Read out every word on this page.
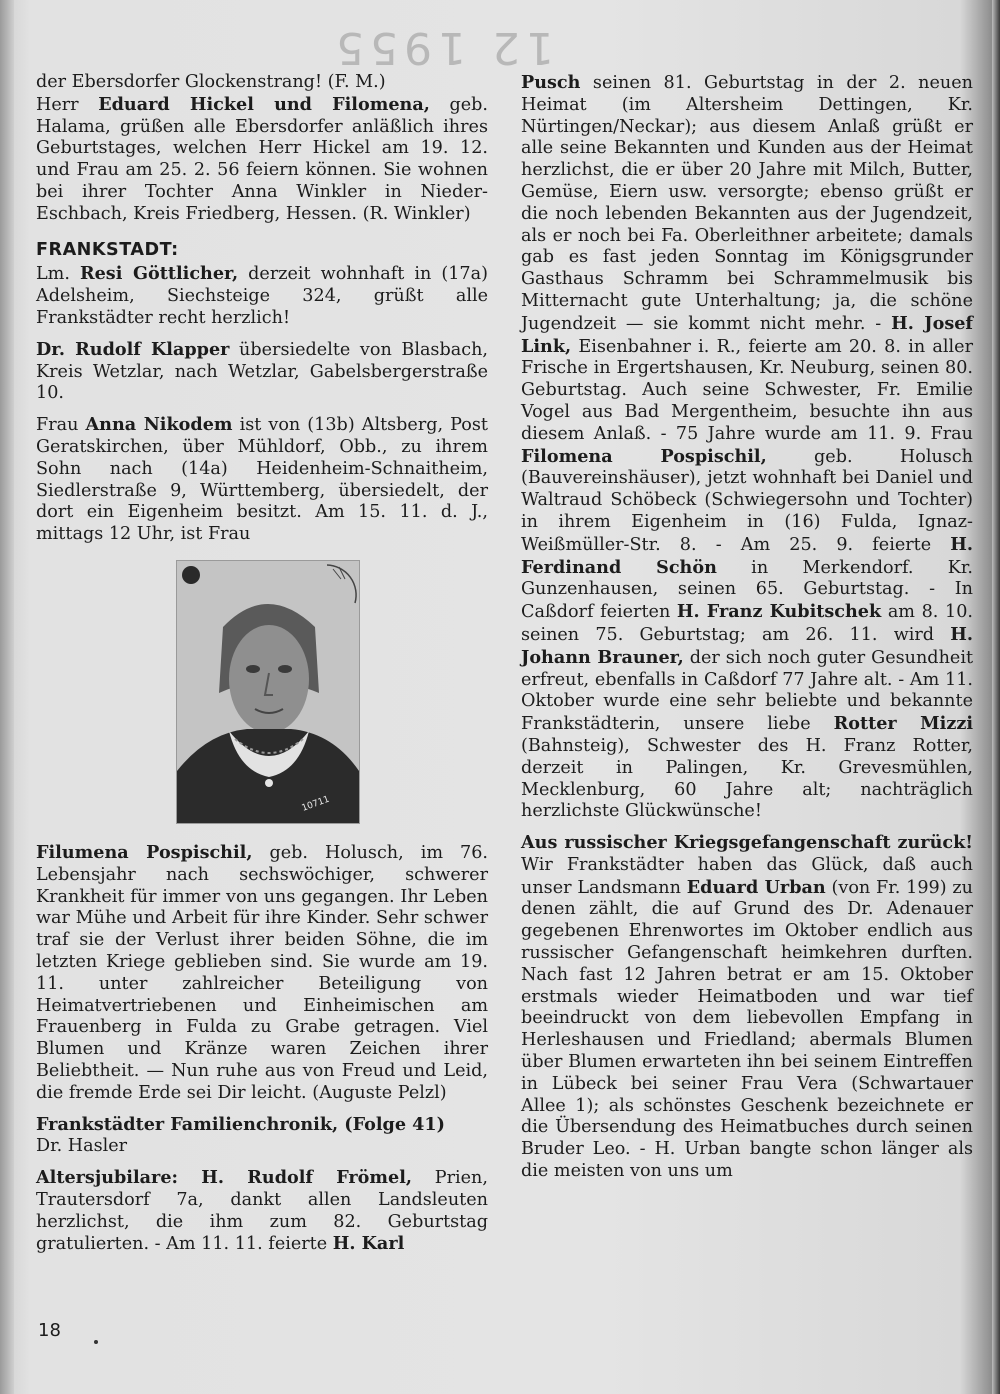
12 1955

der Ebersdorfer Glockenstrang! (F. M.)

Herr Eduard Hickel und Filomena, geb. Halama, grüßen alle Ebersdorfer anläßlich ihres Geburtstages, welchen Herr Hickel am 19. 12. und Frau am 25. 2. 56 feiern können. Sie wohnen bei ihrer Tochter Anna Winkler in Nieder-Eschbach, Kreis Friedberg, Hessen. (R. Winkler)

FRANKSTADT:

Lm. Resi Göttlicher, derzeit wohnhaft in (17a) Adelsheim, Siechsteige 324, grüßt alle Frankstädter recht herzlich!

Dr. Rudolf Klapper übersiedelte von Blasbach, Kreis Wetzlar, nach Wetzlar, Gabelsbergerstraße 10.

Frau Anna Nikodem ist von (13b) Altsberg, Post Geratskirchen, über Mühldorf, Obb., zu ihrem Sohn nach (14a) Heidenheim-Schnaitheim, Siedlerstraße 9, Württemberg, übersiedelt, der dort ein Eigenheim besitzt. Am 15. 11. d. J., mittags 12 Uhr, ist Frau

10711

Filumena Pospischil, geb. Holusch, im 76. Lebensjahr nach sechswöchiger, schwerer Krankheit für immer von uns gegangen. Ihr Leben war Mühe und Arbeit für ihre Kinder. Sehr schwer traf sie der Verlust ihrer beiden Söhne, die im letzten Kriege geblieben sind. Sie wurde am 19. 11. unter zahlreicher Beteiligung von Heimatvertriebenen und Einheimischen am Frauenberg in Fulda zu Grabe getragen. Viel Blumen und Kränze waren Zeichen ihrer Beliebtheit. — Nun ruhe aus von Freud und Leid, die fremde Erde sei Dir leicht. (Auguste Pelzl)

Frankstädter Familienchronik, (Folge 41)
Dr. Hasler

Altersjubilare: H. Rudolf Frömel, Prien, Trautersdorf 7a, dankt allen Landsleuten herzlichst, die ihm zum 82. Geburtstag gratulierten. - Am 11. 11. feierte H. Karl

Pusch seinen 81. Geburtstag in der 2. neuen Heimat (im Altersheim Dettingen, Kr. Nürtingen/Neckar); aus diesem Anlaß grüßt er alle seine Bekannten und Kunden aus der Heimat herzlichst, die er über 20 Jahre mit Milch, Butter, Gemüse, Eiern usw. versorgte; ebenso grüßt er die noch lebenden Bekannten aus der Jugendzeit, als er noch bei Fa. Oberleithner arbeitete; damals gab es fast jeden Sonntag im Königsgrunder Gasthaus Schramm bei Schrammelmusik bis Mitternacht gute Unterhaltung; ja, die schöne Jugendzeit — sie kommt nicht mehr. - H. Josef Link, Eisenbahner i. R., feierte am 20. 8. in aller Frische in Ergertshausen, Kr. Neuburg, seinen 80. Geburtstag. Auch seine Schwester, Fr. Emilie Vogel aus Bad Mergentheim, besuchte ihn aus diesem Anlaß. - 75 Jahre wurde am 11. 9. Frau Filomena Pospischil, geb. Holusch (Bauvereinshäuser), jetzt wohnhaft bei Daniel und Waltraud Schöbeck (Schwiegersohn und Tochter) in ihrem Eigenheim in (16) Fulda, Ignaz-Weißmüller-Str. 8. - Am 25. 9. feierte H. Ferdinand Schön in Merkendorf. Kr. Gunzenhausen, seinen 65. Geburtstag. - In Caßdorf feierten H. Franz Kubitschek am 8. 10. seinen 75. Geburtstag; am 26. 11. wird H. Johann Brauner, der sich noch guter Gesundheit erfreut, ebenfalls in Caßdorf 77 Jahre alt. - Am 11. Oktober wurde eine sehr beliebte und bekannte Frankstädterin, unsere liebe Rotter Mizzi (Bahnsteig), Schwester des H. Franz Rotter, derzeit in Palingen, Kr. Grevesmühlen, Mecklenburg, 60 Jahre alt; nachträglich herzlichste Glückwünsche!

Aus russischer Kriegsgefangenschaft zurück! Wir Frankstädter haben das Glück, daß auch unser Landsmann Eduard Urban (von Fr. 199) zu denen zählt, die auf Grund des Dr. Adenauer gegebenen Ehrenwortes im Oktober endlich aus russischer Gefangenschaft heimkehren durften. Nach fast 12 Jahren betrat er am 15. Oktober erstmals wieder Heimatboden und war tief beeindruckt von dem liebevollen Empfang in Herleshausen und Friedland; abermals Blumen über Blumen erwarteten ihn bei seinem Eintreffen in Lübeck bei seiner Frau Vera (Schwartauer Allee 1); als schönstes Geschenk bezeichnete er die Übersendung des Heimatbuches durch seinen Bruder Leo. - H. Urban bangte schon länger als die meisten von uns um

18
